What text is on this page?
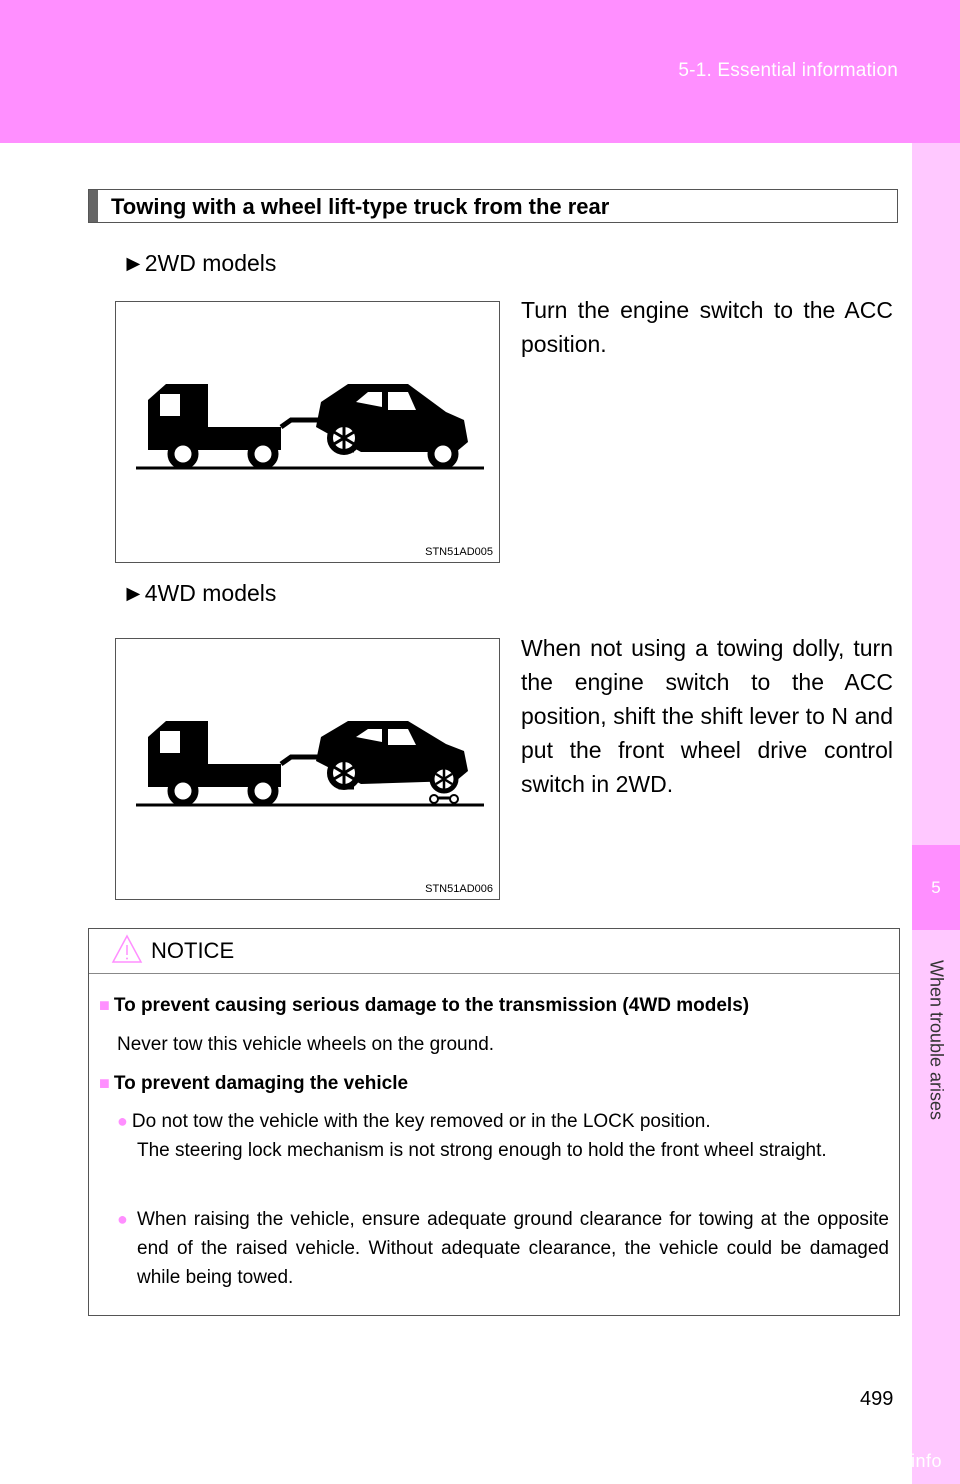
5-1. Essential information
5
When trouble arises
Towing with a wheel lift-type truck from the rear
►2WD models
STN51AD005
Turn the engine switch to the ACC position.
►4WD models
STN51AD006
When not using a towing dolly, turn the engine switch to the ACC position, shift the shift lever to N and put the front wheel drive control switch in 2WD.
NOTICE
■ To prevent causing serious damage to the transmission (4WD models)
Never tow this vehicle wheels on the ground.
■ To prevent damaging the vehicle
● Do not tow the vehicle with the key removed or in the LOCK position.
The steering lock mechanism is not strong enough to hold the front wheel straight.
● When raising the vehicle, ensure adequate ground clearance for towing at the opposite end of the raised vehicle. Without adequate clearance, the vehicle could be damaged while being towed.
499
carmanualsonline.info
